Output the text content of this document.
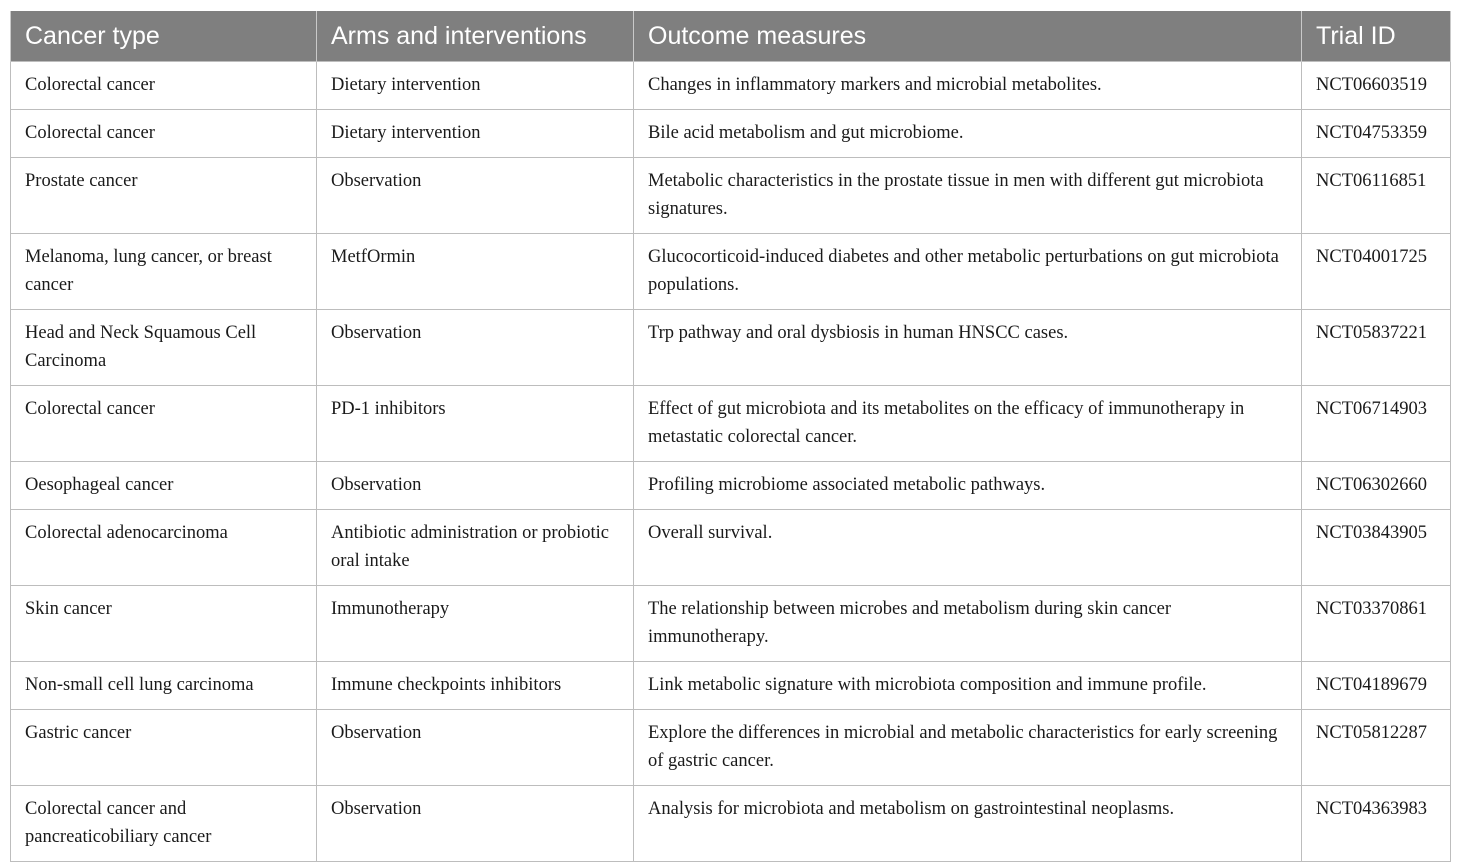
Cancer type	Arms and interventions	Outcome measures	Trial ID
Colorectal cancer	Dietary intervention	Changes in inflammatory markers and microbial metabolites.	NCT06603519
Colorectal cancer	Dietary intervention	Bile acid metabolism and gut microbiome.	NCT04753359
Prostate cancer	Observation	Metabolic characteristics in the prostate tissue in men with different gut microbiota signatures.	NCT06116851
Melanoma, lung cancer, or breast cancer	MetfOrmin	Glucocorticoid-induced diabetes and other metabolic perturbations on gut microbiota populations.	NCT04001725
Head and Neck Squamous Cell Carcinoma	Observation	Trp pathway and oral dysbiosis in human HNSCC cases.	NCT05837221
Colorectal cancer	PD-1 inhibitors	Effect of gut microbiota and its metabolites on the efficacy of immunotherapy in metastatic colorectal cancer.	NCT06714903
Oesophageal cancer	Observation	Profiling microbiome associated metabolic pathways.	NCT06302660
Colorectal adenocarcinoma	Antibiotic administration or probiotic oral intake	Overall survival.	NCT03843905
Skin cancer	Immunotherapy	The relationship between microbes and metabolism during skin cancer immunotherapy.	NCT03370861
Non-small cell lung carcinoma	Immune checkpoints inhibitors	Link metabolic signature with microbiota composition and immune profile.	NCT04189679
Gastric cancer	Observation	Explore the differences in microbial and metabolic characteristics for early screening of gastric cancer.	NCT05812287
Colorectal cancer and pancreaticobiliary cancer	Observation	Analysis for microbiota and metabolism on gastrointestinal neoplasms.	NCT04363983
